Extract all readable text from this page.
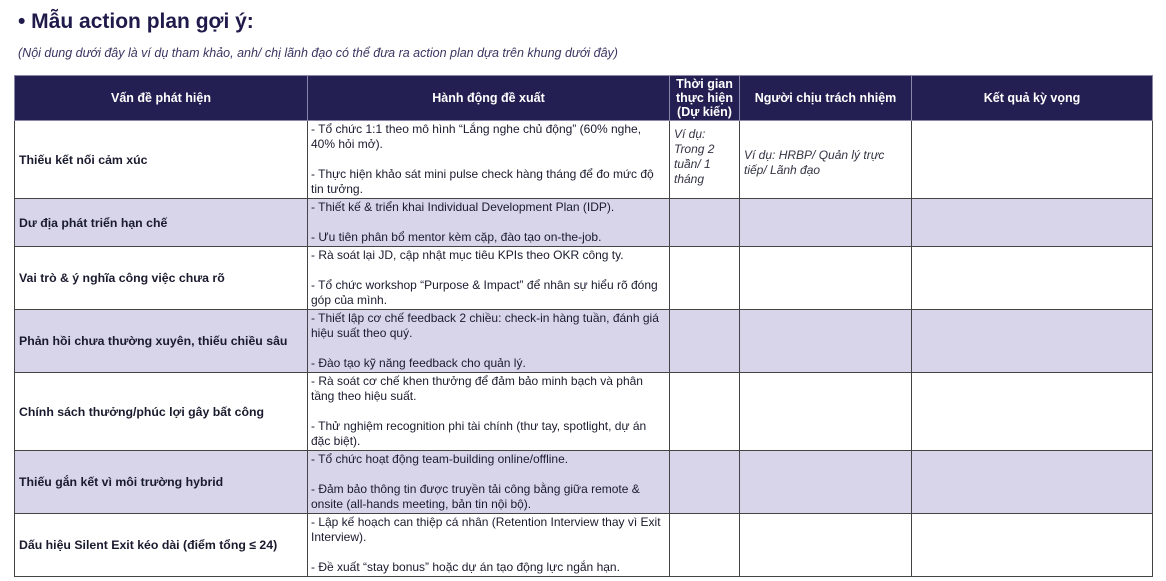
• Mẫu action plan gợi ý:
(Nội dung dưới đây là ví dụ tham khảo, anh/ chị lãnh đạo có thể đưa ra action plan dựa trên khung dưới đây)
Vấn đề phát hiện	Hành động đề xuất	Thời gian thực hiện (Dự kiến)	Người chịu trách nhiệm	Kết quả kỳ vọng
Thiếu kết nối cảm xúc	- Tổ chức 1:1 theo mô hình “Lắng nghe chủ động” (60% nghe, 40% hỏi mở).
- Thực hiện khảo sát mini pulse check hàng tháng để đo mức độ tin tưởng.	Ví dụ: Trong 2 tuần/ 1 tháng	Ví dụ: HRBP/ Quản lý trực tiếp/ Lãnh đạo	
Dư địa phát triển hạn chế	- Thiết kế & triển khai Individual Development Plan (IDP).
- Ưu tiên phân bổ mentor kèm cặp, đào tạo on-the-job.			

Vai trò & ý nghĩa công việc chưa rõ	- Rà soát lại JD, cập nhật mục tiêu KPIs theo OKR công ty.
- Tổ chức workshop “Purpose & Impact” để nhân sự hiểu rõ đóng góp của mình.			

Phản hồi chưa thường xuyên, thiếu chiều sâu	- Thiết lập cơ chế feedback 2 chiều: check-in hàng tuần, đánh giá hiệu suất theo quý.
- Đào tạo kỹ năng feedback cho quản lý.			

Chính sách thưởng/phúc lợi gây bất công	- Rà soát cơ chế khen thưởng để đảm bảo minh bạch và phân tầng theo hiệu suất.
- Thử nghiệm recognition phi tài chính (thư tay, spotlight, dự án đặc biệt).			

Thiếu gắn kết vì môi trường hybrid	- Tổ chức hoạt động team-building online/offline.
- Đảm bảo thông tin được truyền tải công bằng giữa remote & onsite (all-hands meeting, bản tin nội bộ).			

Dấu hiệu Silent Exit kéo dài (điểm tổng ≤ 24)	- Lập kế hoạch can thiệp cá nhân (Retention Interview thay vì Exit Interview).
- Đề xuất “stay bonus” hoặc dự án tạo động lực ngắn hạn.			
